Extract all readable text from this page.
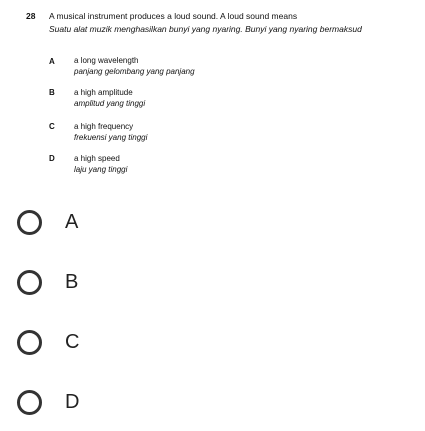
28 A musical instrument produces a loud sound. A loud sound means
Suatu alat muzik menghasilkan bunyi yang nyaring. Bunyi yang nyaring bermaksud
A a long wavelength
panjang gelombang yang panjang
B a high amplitude
amplitud yang tinggi
C a high frequency
frekuensi yang tinggi
D a high speed
laju yang tinggi
A
B
C
D
